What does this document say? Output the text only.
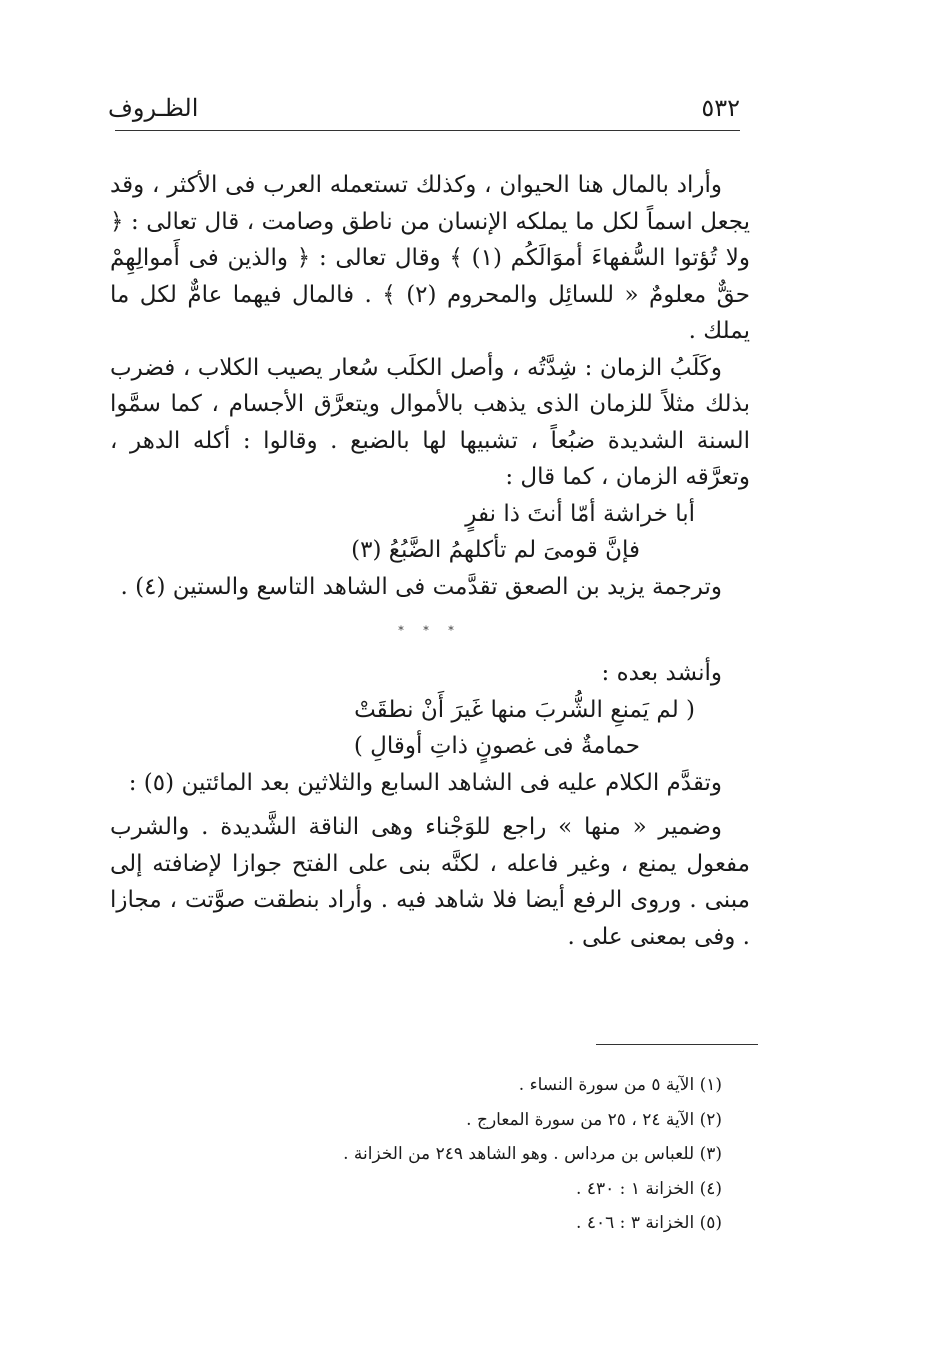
الظـروف	٥٣٢

وأراد بالمال هنا الحيوان ، وكذلك تستعمله العرب فى الأكثر ، وقد يجعل اسماً لكل ما يملكه الإنسان من ناطق وصامت ، قال تعالى : ﴿ ولا تُؤتوا السُّفهاءَ أموَالَكُم (١) ﴾ وقال تعالى : ﴿ والذين فى أَموالِهِمْ حقٌّ معلومٌ « للسائِل والمحروم (٢) ﴾ . فالمال فيهما عامٌّ لكل ما يملك .

وكَلَبُ الزمان : شِدَّتُه ، وأصل الكلَب سُعار يصيب الكلاب ، فضرب بذلك مثلاً للزمان الذى يذهب بالأموال ويتعرَّق الأجسام ، كما سمَّوا السنة الشديدة ضبُعاً ، تشبيها لها بالضبع . وقالوا : أكله الدهر ، وتعرَّقه الزمان ، كما قال :

أبا خراشة أمّا أنتَ ذا نفرٍ

فإنَّ قومىَ لم تأكلهمُ الضَّبُعُ (٣)

وترجمة يزيد بن الصعق تقدَّمت فى الشاهد التاسع والستين (٤) .

* * *

وأنشد بعده :

( لم يَمنعِ الشُّربَ منها غَيرَ أَنْ نطقَتْ

حمامةٌ فى غصونٍ ذاتِ أوقالِ )

وتقدَّم الكلام عليه فى الشاهد السابع والثلاثين بعد المائتين (٥) :

وضمير « منها » راجع للوَجْناء وهى الناقة الشَّديدة . والشرب مفعول يمنع ، وغير فاعله ، لكنَّه بنى على الفتح جوازا لإضافته إلى مبنى . وروى الرفع أيضا فلا شاهد فيه . وأراد بنطقت صوَّتت ، مجازا . وفى بمعنى على .

(١) الآية ٥ من سورة النساء .

(٢) الآية ٢٤ ، ٢٥ من سورة المعارج .

(٣) للعباس بن مرداس . وهو الشاهد ٢٤٩ من الخزانة .

(٤) الخزانة ١ : ٤٣٠ .

(٥) الخزانة ٣ : ٤٠٦ .
